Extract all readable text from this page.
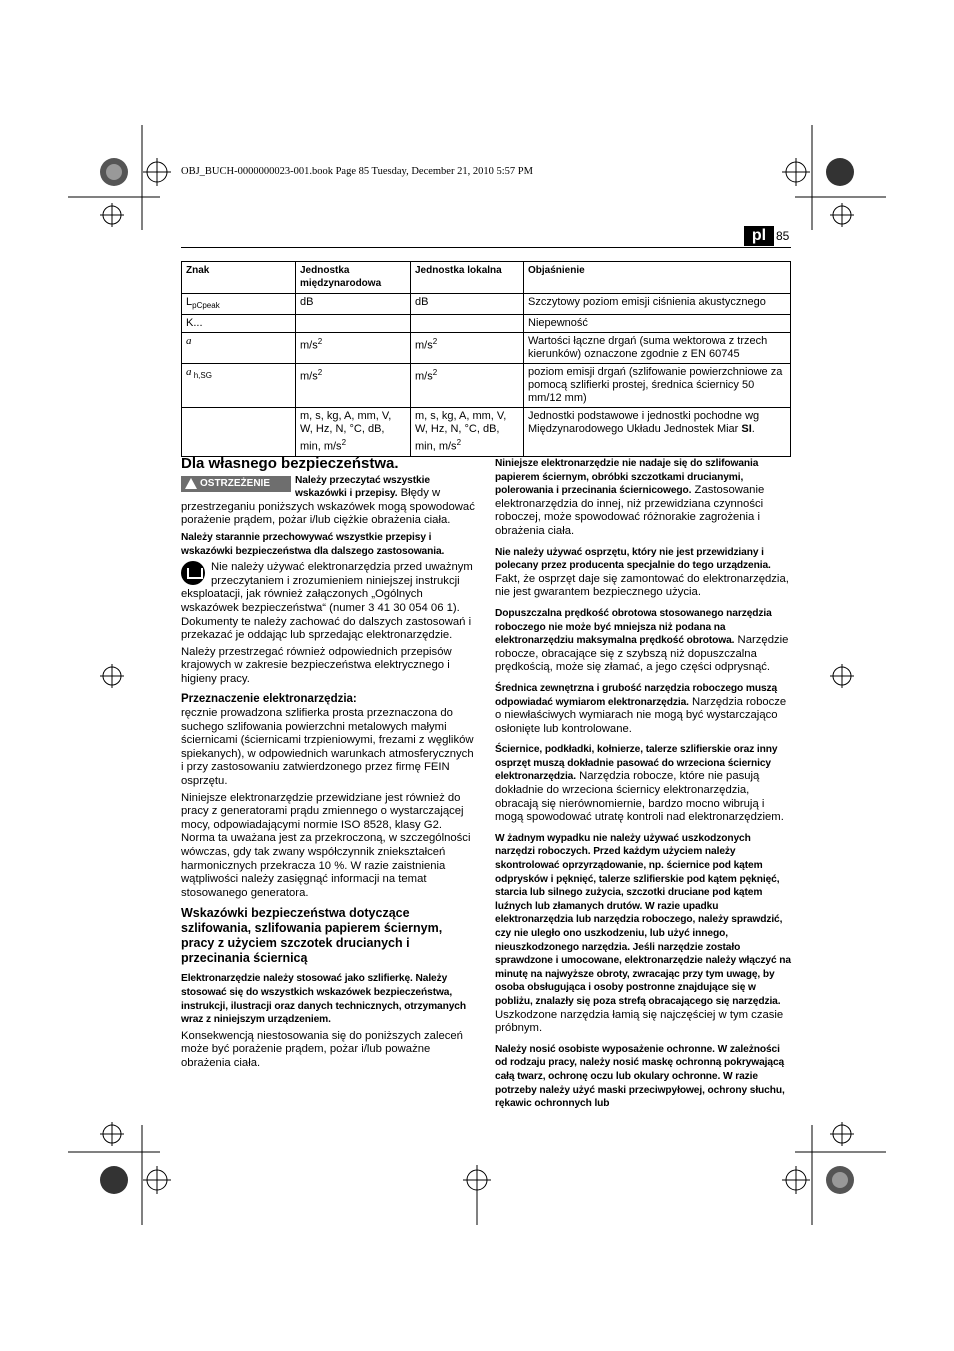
OBJ_BUCH-0000000023-001.book Page 85 Tuesday, December 21, 2010 5:57 PM
pl 85
Znak	Jednostka międzynarodowa	Jednostka lokalna	Objaśnienie
$L_{pCpeak}$	dB	dB	Szczytowy poziom emisji ciśnienia akustycznego
K...			Niepewność
a	$m/s^2$	$m/s^2$	Wartości łączne drgań (suma wektorowa z trzech kierunków) oznaczone zgodnie z EN 60745
a $_{h,SG}$	$m/s^2$	$m/s^2$	poziom emisji drgań (szlifowanie powierzchniowe za pomocą szlifierki prostej, średnica ściernicy 50 mm/12 mm)
	m, s, kg, A, mm, V, W, Hz, N, °C, dB, min, $m/s^2$	m, s, kg, A, mm, V, W, Hz, N, °C, dB, min, $m/s^2$	Jednostki podstawowe i jednostki pochodne wg Międzynarodowego Układu Jednostek Miar SI.
Dla własnego bezpieczeństwa.

OSTRZEŻENIE Należy przeczytać wszystkie wskazówki i przepisy. Błędy w przestrzeganiu poniższych wskazówek mogą spowodować porażenie prądem, pożar i/lub ciężkie obrażenia ciała.

Należy starannie przechowywać wszystkie przepisy i wskazówki bezpieczeństwa dla dalszego zastosowania.

Nie należy używać elektronarzędzia przed uważnym przeczytaniem i zrozumieniem niniejszej instrukcji eksploatacji, jak również załączonych „Ogólnych wskazówek bezpieczeństwa“ (numer 3 41 30 054 06 1). Dokumenty te należy zachować do dalszych zastosowań i przekazać je oddając lub sprzedając elektronarzędzie.

Należy przestrzegać również odpowiednich przepisów krajowych w zakresie bezpieczeństwa elektrycznego i higieny pracy.

Przeznaczenie elektronarzędzia:

ręcznie prowadzona szlifierka prosta przeznaczona do suchego szlifowania powierzchni metalowych małymi ściernicami (ściernicami trzpieniowymi, frezami z węglików spiekanych), w odpowiednich warunkach atmosferycznych i przy zastosowaniu zatwierdzonego przez firmę FEIN osprzętu.

Niniejsze elektronarzędzie przewidziane jest również do pracy z generatorami prądu zmiennego o wystarczającej mocy, odpowiadającymi normie ISO 8528, klasy G2. Norma ta uważana jest za przekroczoną, w szczególności wówczas, gdy tak zwany współczynnik zniekształceń harmonicznych przekracza 10 %. W razie zaistnienia wątpliwości należy zasięgnąć informacji na temat stosowanego generatora.

Wskazówki bezpieczeństwa dotyczące szlifowania, szlifowania papierem ściernym, pracy z użyciem szczotek drucianych i przecinania ściernicą

Elektronarzędzie należy stosować jako szlifierkę. Należy stosować się do wszystkich wskazówek bezpieczeństwa, instrukcji, ilustracji oraz danych technicznych, otrzymanych wraz z niniejszym urządzeniem.

Konsekwencją niestosowania się do poniższych zaleceń może być porażenie prądem, pożar i/lub poważne obrażenia ciała.

Niniejsze elektronarzędzie nie nadaje się do szlifowania papierem ściernym, obróbki szczotkami drucianymi, polerowania i przecinania ściernicowego. Zastosowanie elektronarzędzia do innej, niż przewidziana czynności roboczej, może spowodować różnorakie zagrożenia i obrażenia ciała.

Nie należy używać osprzętu, który nie jest przewidziany i polecany przez producenta specjalnie do tego urządzenia. Fakt, że osprzęt daje się zamontować do elektronarzędzia, nie jest gwarantem bezpiecznego użycia.

Dopuszczalna prędkość obrotowa stosowanego narzędzia roboczego nie może być mniejsza niż podana na elektronarzędziu maksymalna prędkość obrotowa. Narzędzie robocze, obracające się z szybszą niż dopuszczalna prędkością, może się złamać, a jego części odprysnąć.

Średnica zewnętrzna i grubość narzędzia roboczego muszą odpowiadać wymiarom elektronarzędzia. Narzędzia robocze o niewłaściwych wymiarach nie mogą być wystarczająco osłonięte lub kontrolowane.

Ściernice, podkładki, kołnierze, talerze szlifierskie oraz inny osprzęt muszą dokładnie pasować do wrzeciona ściernicy elektronarzędzia. Narzędzia robocze, które nie pasują dokładnie do wrzeciona ściernicy elektronarzędzia, obracają się nierównomiernie, bardzo mocno wibrują i mogą spowodować utratę kontroli nad elektronarzędziem.

W żadnym wypadku nie należy używać uszkodzonych narzędzi roboczych. Przed każdym użyciem należy skontrolować oprzyrządowanie, np. ściernice pod kątem odprysków i pęknięć, talerze szlifierskie pod kątem pęknięć, starcia lub silnego zużycia, szczotki druciane pod kątem luźnych lub złamanych drutów. W razie upadku elektronarzędzia lub narzędzia roboczego, należy sprawdzić, czy nie uległo ono uszkodzeniu, lub użyć innego, nieuszkodzonego narzędzia. Jeśli narzędzie zostało sprawdzone i umocowane, elektronarzędzie należy włączyć na minutę na najwyższe obroty, zwracając przy tym uwagę, by osoba obsługująca i osoby postronne znajdujące się w pobliżu, znalazły się poza strefą obracającego się narzędzia. Uszkodzone narzędzia łamią się najczęściej w tym czasie próbnym.

Należy nosić osobiste wyposażenie ochronne. W zależności od rodzaju pracy, należy nosić maskę ochronną pokrywającą całą twarz, ochronę oczu lub okulary ochronne. W razie potrzeby należy użyć maski przeciwpyłowej, ochrony słuchu, rękawic ochronnych lub
